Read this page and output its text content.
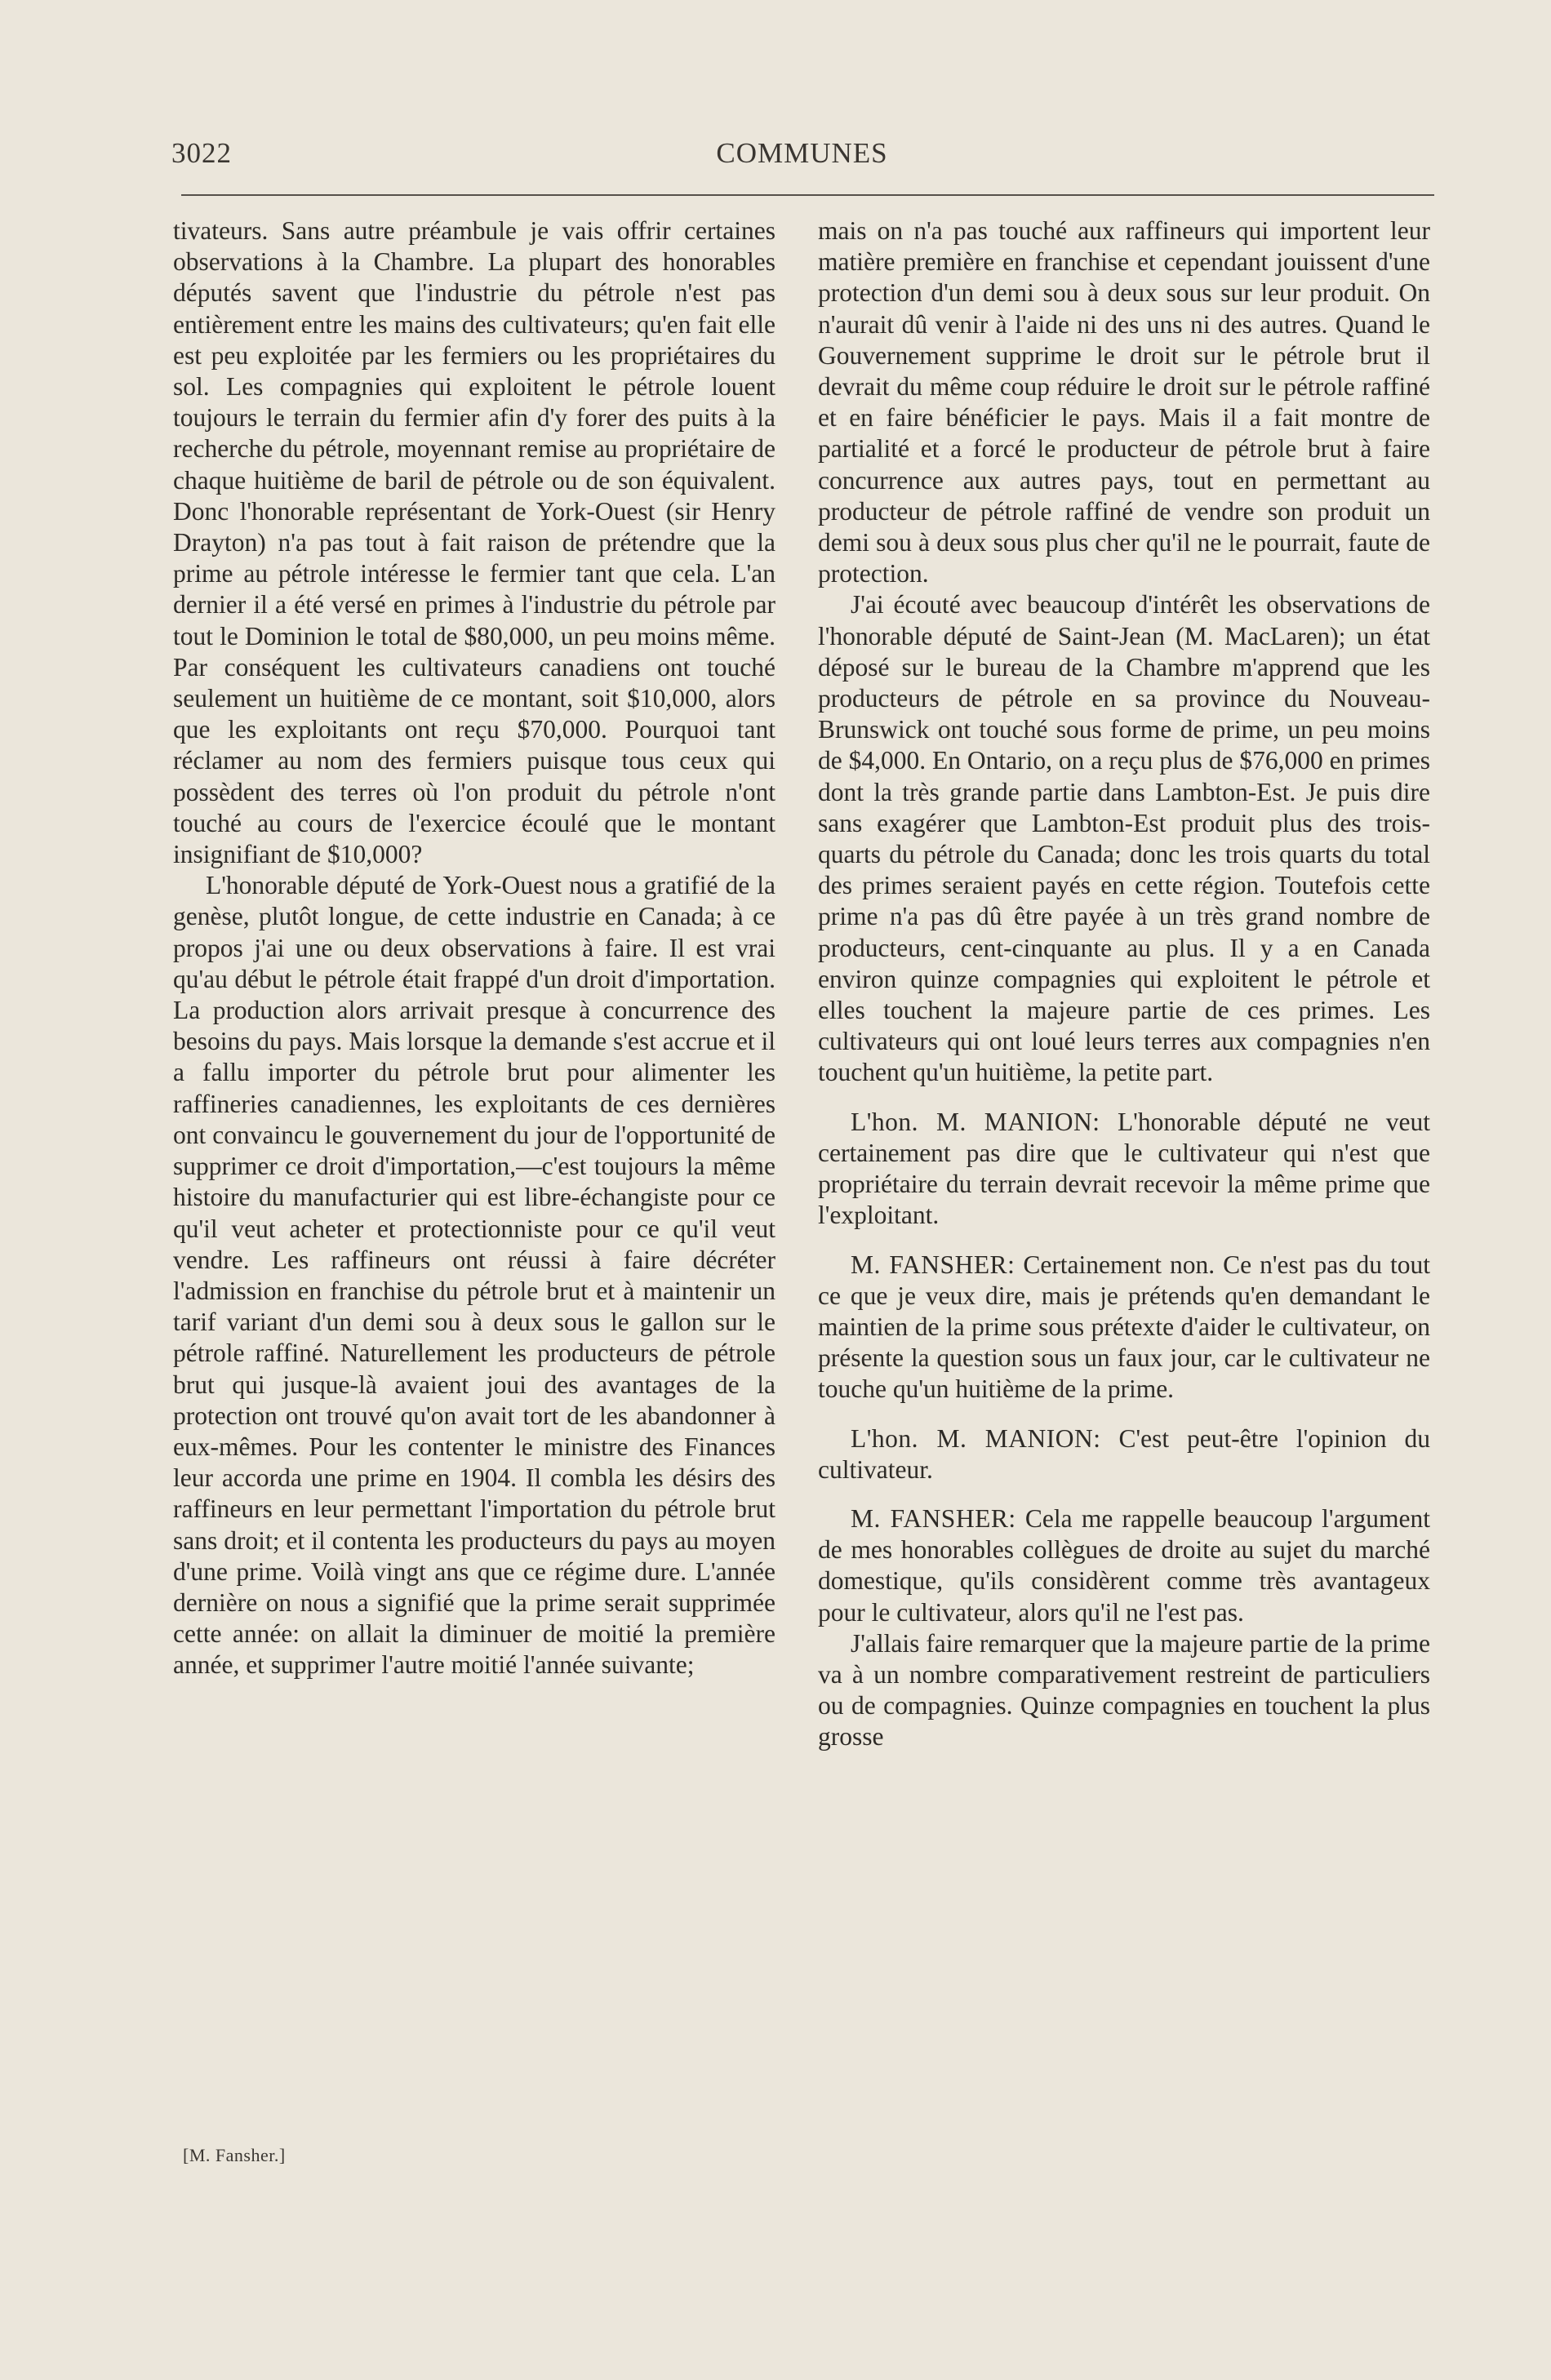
3022	COMMUNES

tivateurs. Sans autre préambule je vais offrir certaines observations à la Chambre. La plupart des honorables députés savent que l'industrie du pétrole n'est pas entièrement entre les mains des cultivateurs; qu'en fait elle est peu exploitée par les fermiers ou les propriétaires du sol. Les compagnies qui exploitent le pétrole louent toujours le terrain du fermier afin d'y forer des puits à la recherche du pétrole, moyennant remise au propriétaire de chaque huitième de baril de pétrole ou de son équivalent. Donc l'honorable représentant de York-Ouest (sir Henry Drayton) n'a pas tout à fait raison de prétendre que la prime au pétrole intéresse le fermier tant que cela. L'an dernier il a été versé en primes à l'industrie du pétrole par tout le Dominion le total de $80,000, un peu moins même. Par conséquent les cultivateurs canadiens ont touché seulement un huitième de ce montant, soit $10,000, alors que les exploitants ont reçu $70,000. Pourquoi tant réclamer au nom des fermiers puisque tous ceux qui possèdent des terres où l'on produit du pétrole n'ont touché au cours de l'exercice écoulé que le montant insignifiant de $10,000?

L'honorable député de York-Ouest nous a gratifié de la genèse, plutôt longue, de cette industrie en Canada; à ce propos j'ai une ou deux observations à faire. Il est vrai qu'au début le pétrole était frappé d'un droit d'importation. La production alors arrivait presque à concurrence des besoins du pays. Mais lorsque la demande s'est accrue et il a fallu importer du pétrole brut pour alimenter les raffineries canadiennes, les exploitants de ces dernières ont convaincu le gouvernement du jour de l'opportunité de supprimer ce droit d'importation,—c'est toujours la même histoire du manufacturier qui est libre-échangiste pour ce qu'il veut acheter et protectionniste pour ce qu'il veut vendre. Les raffineurs ont réussi à faire décréter l'admission en franchise du pétrole brut et à maintenir un tarif variant d'un demi sou à deux sous le gallon sur le pétrole raffiné. Naturellement les producteurs de pétrole brut qui jusque-là avaient joui des avantages de la protection ont trouvé qu'on avait tort de les abandonner à eux-mêmes. Pour les contenter le ministre des Finances leur accorda une prime en 1904. Il combla les désirs des raffineurs en leur permettant l'importation du pétrole brut sans droit; et il contenta les producteurs du pays au moyen d'une prime. Voilà vingt ans que ce régime dure. L'année dernière on nous a signifié que la prime serait supprimée cette année: on allait la diminuer de moitié la première année, et supprimer l'autre moitié l'année suivante;

[M. Fansher.]

mais on n'a pas touché aux raffineurs qui importent leur matière première en franchise et cependant jouissent d'une protection d'un demi sou à deux sous sur leur produit. On n'aurait dû venir à l'aide ni des uns ni des autres. Quand le Gouvernement supprime le droit sur le pétrole brut il devrait du même coup réduire le droit sur le pétrole raffiné et en faire bénéficier le pays. Mais il a fait montre de partialité et a forcé le producteur de pétrole brut à faire concurrence aux autres pays, tout en permettant au producteur de pétrole raffiné de vendre son produit un demi sou à deux sous plus cher qu'il ne le pourrait, faute de protection.

J'ai écouté avec beaucoup d'intérêt les observations de l'honorable député de Saint-Jean (M. MacLaren); un état déposé sur le bureau de la Chambre m'apprend que les producteurs de pétrole en sa province du Nouveau-Brunswick ont touché sous forme de prime, un peu moins de $4,000. En Ontario, on a reçu plus de $76,000 en primes dont la très grande partie dans Lambton-Est. Je puis dire sans exagérer que Lambton-Est produit plus des trois-quarts du pétrole du Canada; donc les trois quarts du total des primes seraient payés en cette région. Toutefois cette prime n'a pas dû être payée à un très grand nombre de producteurs, cent-cinquante au plus. Il y a en Canada environ quinze compagnies qui exploitent le pétrole et elles touchent la majeure partie de ces primes. Les cultivateurs qui ont loué leurs terres aux compagnies n'en touchent qu'un huitième, la petite part.

L'hon. M. MANION: L'honorable député ne veut certainement pas dire que le cultivateur qui n'est que propriétaire du terrain devrait recevoir la même prime que l'exploitant.

M. FANSHER: Certainement non. Ce n'est pas du tout ce que je veux dire, mais je prétends qu'en demandant le maintien de la prime sous prétexte d'aider le cultivateur, on présente la question sous un faux jour, car le cultivateur ne touche qu'un huitième de la prime.

L'hon. M. MANION: C'est peut-être l'opinion du cultivateur.

M. FANSHER: Cela me rappelle beaucoup l'argument de mes honorables collègues de droite au sujet du marché domestique, qu'ils considèrent comme très avantageux pour le cultivateur, alors qu'il ne l'est pas.

J'allais faire remarquer que la majeure partie de la prime va à un nombre comparativement restreint de particuliers ou de compagnies. Quinze compagnies en touchent la plus grosse
